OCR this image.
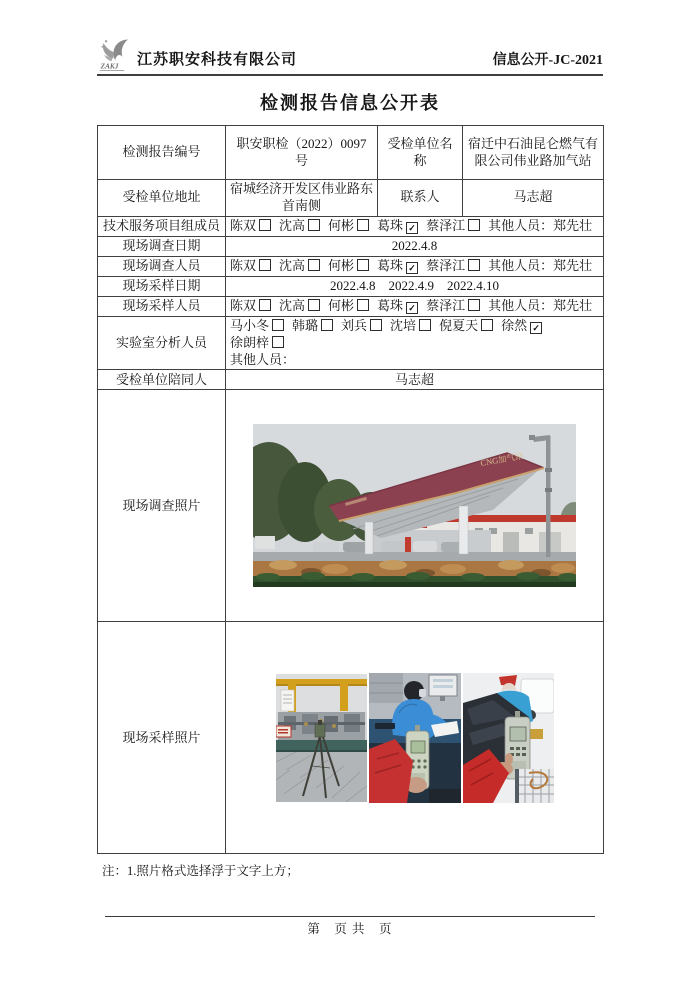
ZAKJ 江苏职安科技有限公司	信息公开-JC-2021
检测报告信息公开表
检测报告编号	职安职检（2022）0097 号	受检单位名称	宿迁中石油昆仑燃气有限公司伟业路加气站
受检单位地址	宿城经济开发区伟业路东首南侧	联系人	马志超
技术服务项目组成员	陈双 沈高 何彬 葛珠 ✓ 蔡泽江 其他人员：郑先壮		
现场调查日期	2022.4.8		
现场调查人员	陈双 沈高 何彬 葛珠 ✓ 蔡泽江 其他人员：郑先壮		
现场采样日期	2022.4.8　2022.4.9　2022.4.10		
现场采样人员	陈双 沈高 何彬 葛珠 ✓ 蔡泽江 其他人员：郑先壮		
实验室分析人员	马小冬 韩璐 刘兵 沈培 倪夏天 徐然 ✓徐朗梓
其他人员：		

受检单位陪同人	马志超		
现场调查照片	CNG加气站		

现场采样照片	
注：1.照片格式选择浮于文字上方；
第　页 共　页
